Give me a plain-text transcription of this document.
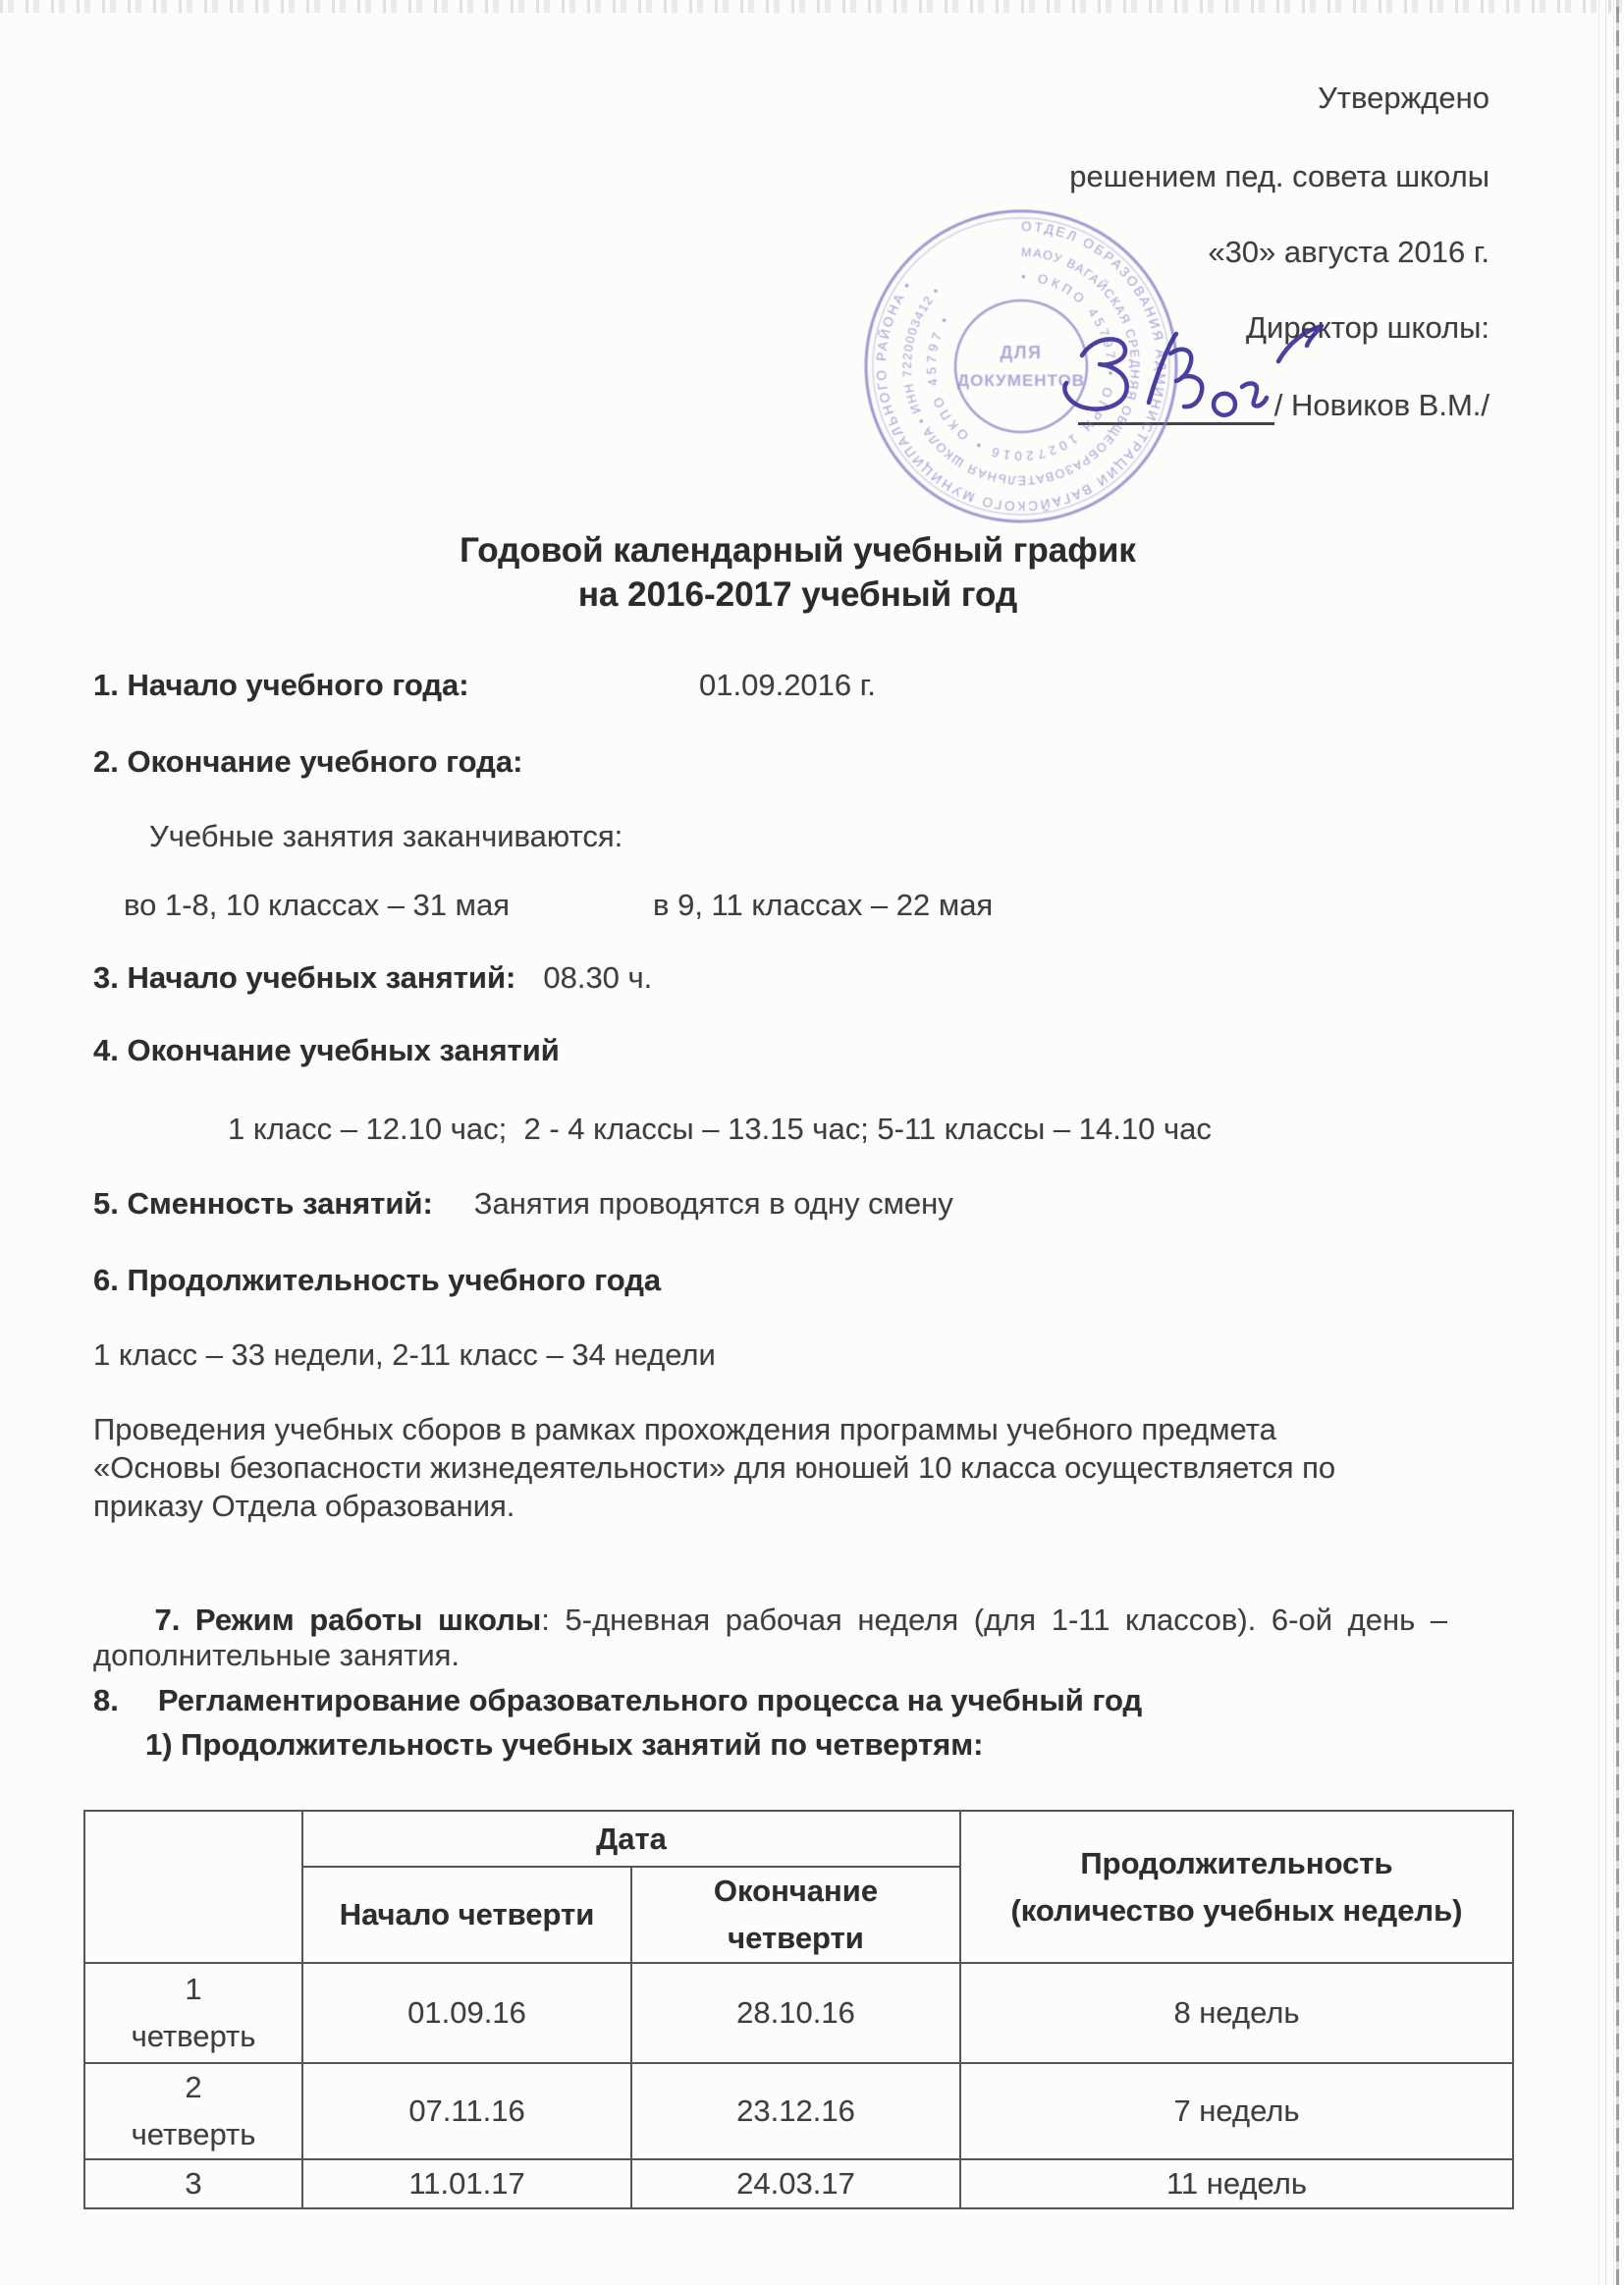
Утверждено
решением пед. совета школы
«30» августа 2016 г.
Директор школы:
/ Новиков В.М./
ОТДЕЛ ОБРАЗОВАНИЯ АДМИНИСТРАЦИИ ВАГАЙСКОГО МУНИЦИПАЛЬНОГО РАЙОНА •
МАОУ ВАГАЙСКАЯ СРЕДНЯЯ ОБЩЕОБРАЗОВАТЕЛЬНАЯ ШКОЛА • ИНН 7220003412 •
• ОКПО 45797 • ОГРН 10272016 • ОКПО 45797 •
ДЛЯ
ДОКУМЕНТОВ
Годовой календарный учебный график
на 2016-2017 учебный год
1. Начало учебного года:	01.09.2016 г.
2. Окончание учебного года:
Учебные занятия заканчиваются:
во 1-8, 10 классах – 31 мая	в 9, 11 классах – 22 мая
3. Начало учебных занятий: 08.30 ч.
4. Окончание учебных занятий
1 класс – 12.10 час;  2 - 4 классы – 13.15 час; 5-11 классы – 14.10 час
5. Сменность занятий: Занятия проводятся в одну смену
6. Продолжительность учебного года
1 класс – 33 недели, 2-11 класс – 34 недели
Проведения учебных сборов в рамках прохождения программы учебного предмета
«Основы безопасности жизнедеятельности» для юношей 10 класса осуществляется по
приказу Отдела образования.

7. Режим работы школы: 5-дневная рабочая неделя (для 1-11 классов). 6-ой день –

дополнительные занятия.
8. Регламентирование образовательного процесса на учебный год
1) Продолжительность учебных занятий по четвертям:
	Дата		Продолжительность
(количество учебных недель)

	Начало четверти	Окончание
четверти	

1
четверть	01.09.16	28.10.16	8 недель

2
четверть	07.11.16	23.12.16	7 недель
3	11.01.17	24.03.17	11 недель
